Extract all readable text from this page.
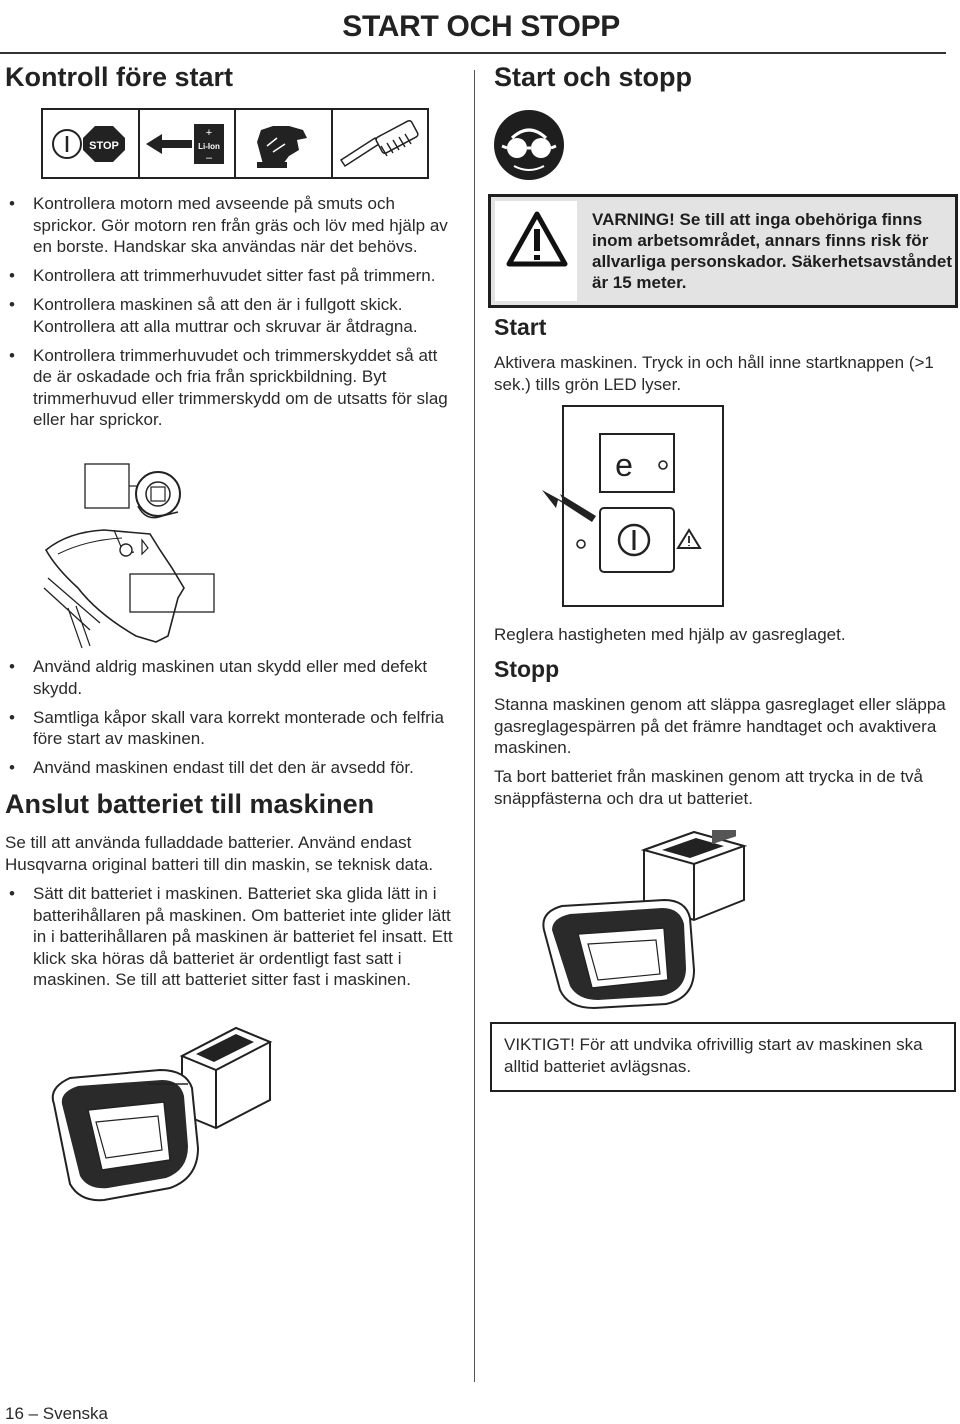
START OCH STOPP
Kontroll före start
STOP
+
Li-Ion
–
• Kontrollera motorn med avseende på smuts och sprickor. Gör motorn ren från gräs och löv med hjälp av en borste. Handskar ska användas när det behövs.
• Kontrollera att trimmerhuvudet sitter fast på trimmern.
• Kontrollera maskinen så att den är i fullgott skick. Kontrollera att alla muttrar och skruvar är åtdragna.
• Kontrollera trimmerhuvudet och trimmerskyddet så att de är oskadade och fria från sprickbildning. Byt trimmerhuvud eller trimmerskydd om de utsatts för slag eller har sprickor.
• Använd aldrig maskinen utan skydd eller med defekt skydd.
• Samtliga kåpor skall vara korrekt monterade och felfria före start av maskinen.
• Använd maskinen endast till det den är avsedd för.
Anslut batteriet till maskinen

Se till att använda fulladdade batterier. Använd endast Husqvarna original batteri till din maskin, se teknisk data.

• Sätt dit batteriet i maskinen. Batteriet ska glida lätt in i batterihållaren på maskinen. Om batteriet inte glider lätt in i batterihållaren på maskinen är batteriet fel insatt. Ett klick ska höras då batteriet är ordentligt fast satt i maskinen. Se till att batteriet sitter fast i maskinen.
Start och stopp
VARNING! Se till att inga obehöriga finns inom arbetsområdet, annars finns risk för allvarliga personskador. Säkerhetsavståndet är 15 meter.
Start

Aktivera maskinen. Tryck in och håll inne startknappen (>1 sek.) tills grön LED lyser.

e

Reglera hastigheten med hjälp av gasreglaget.

Stopp

Stanna maskinen genom att släppa gasreglaget eller släppa gasreglagespärren på det främre handtaget och avaktivera maskinen.

Ta bort batteriet från maskinen genom att trycka in de två snäppfästerna och dra ut batteriet.

VIKTIGT! För att undvika ofrivillig start av maskinen ska alltid batteriet avlägsnas.
16 – Svenska
